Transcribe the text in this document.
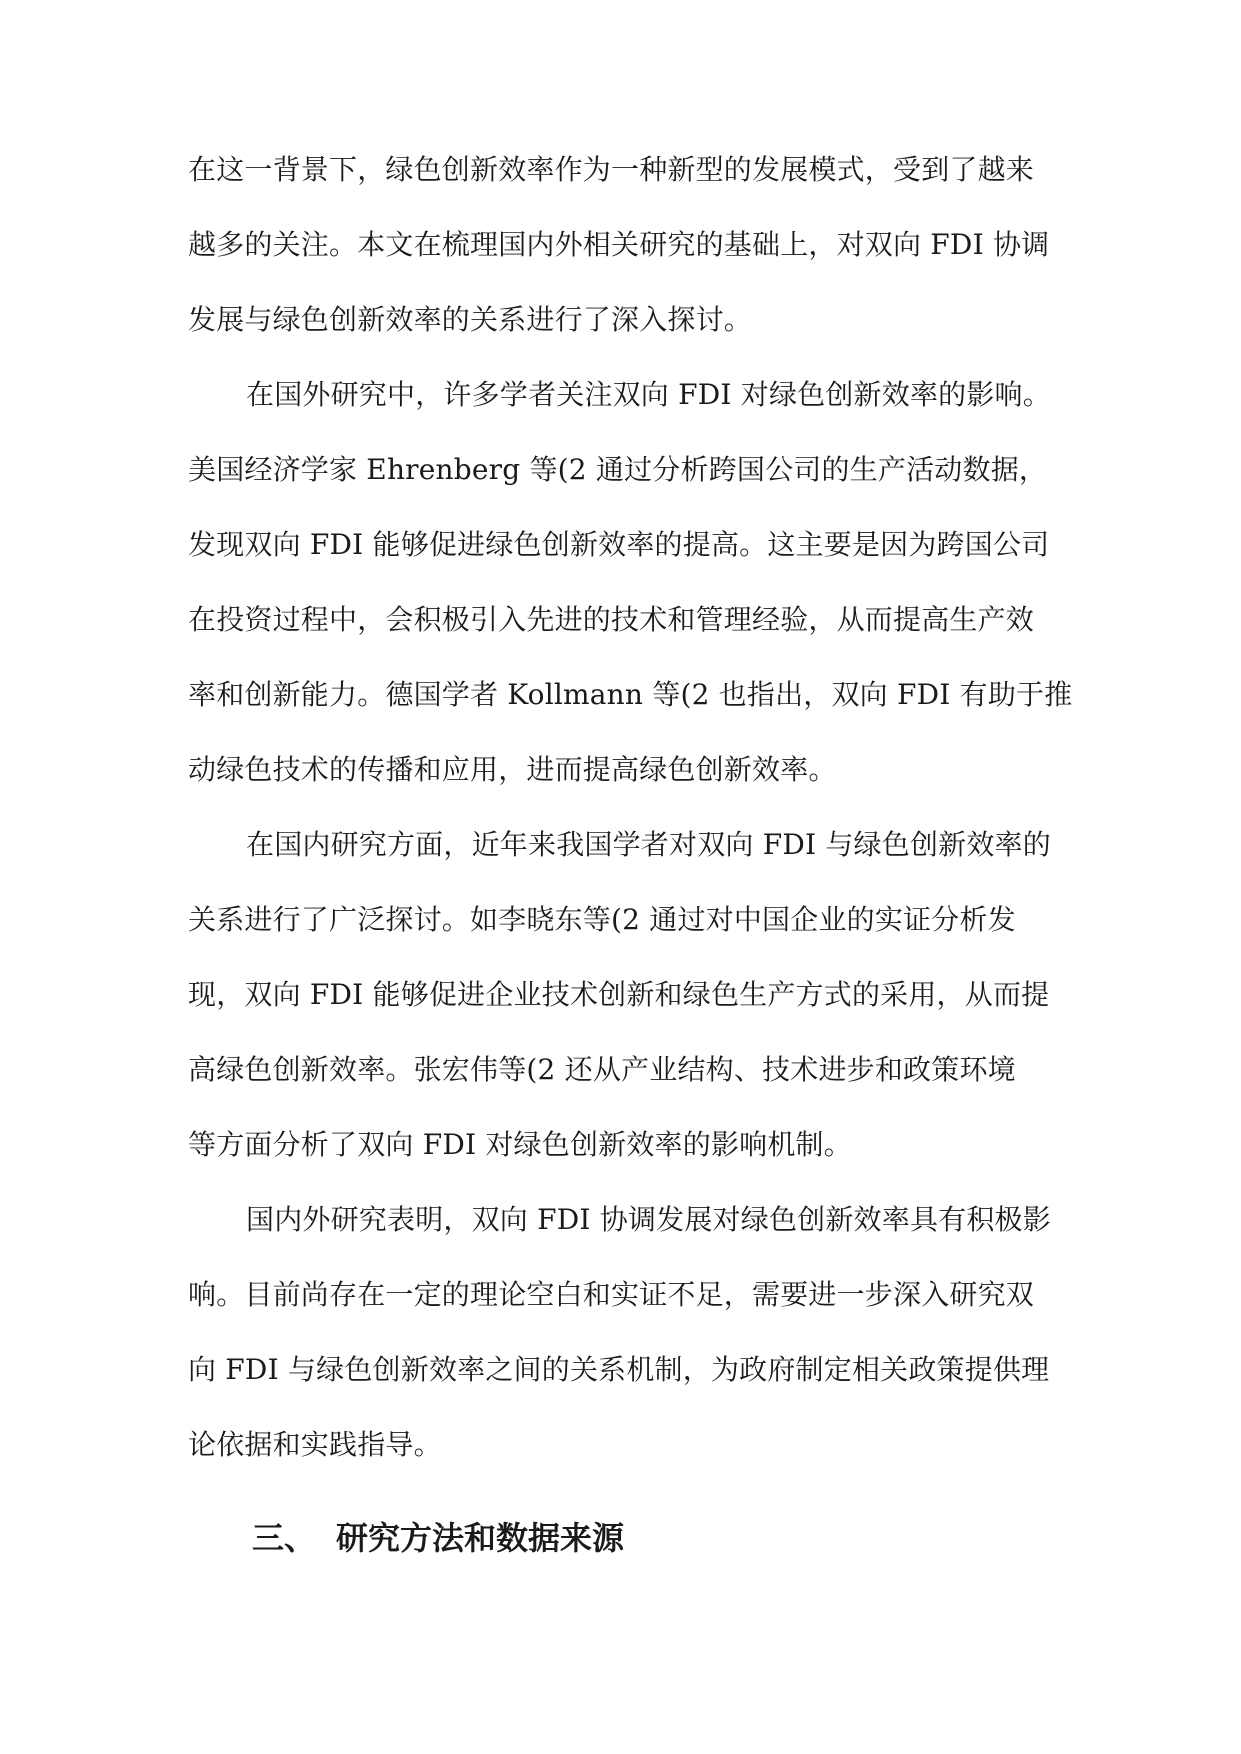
在这一背景下，绿色创新效率作为一种新型的发展模式，受到了越来
越多的关注。本文在梳理国内外相关研究的基础上，对双向 FDI 协调
发展与绿色创新效率的关系进行了深入探讨。
在国外研究中，许多学者关注双向 FDI 对绿色创新效率的影响。
美国经济学家 Ehrenberg 等(2 通过分析跨国公司的生产活动数据，
发现双向 FDI 能够促进绿色创新效率的提高。这主要是因为跨国公司
在投资过程中，会积极引入先进的技术和管理经验，从而提高生产效
率和创新能力。德国学者 Kollmann 等(2 也指出，双向 FDI 有助于推
动绿色技术的传播和应用，进而提高绿色创新效率。
在国内研究方面，近年来我国学者对双向 FDI 与绿色创新效率的
关系进行了广泛探讨。如李晓东等(2 通过对中国企业的实证分析发
现，双向 FDI 能够促进企业技术创新和绿色生产方式的采用，从而提
高绿色创新效率。张宏伟等(2 还从产业结构、技术进步和政策环境
等方面分析了双向 FDI 对绿色创新效率的影响机制。
国内外研究表明，双向 FDI 协调发展对绿色创新效率具有积极影
响。目前尚存在一定的理论空白和实证不足，需要进一步深入研究双
向 FDI 与绿色创新效率之间的关系机制，为政府制定相关政策提供理
论依据和实践指导。
三、 研究方法和数据来源
